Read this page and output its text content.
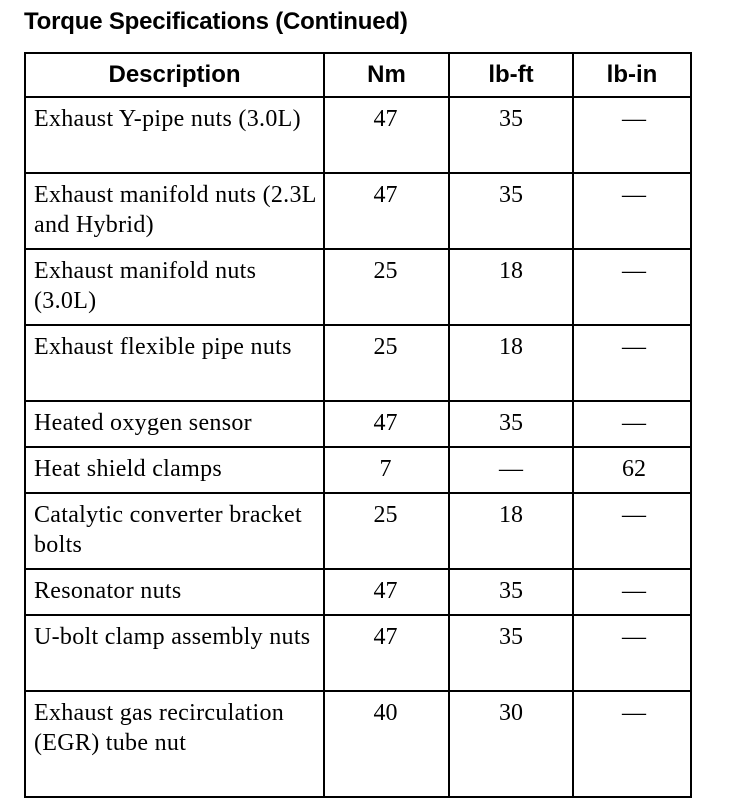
Torque Specifications (Continued)
Description	Nm	lb-ft	lb-in
Exhaust Y-pipe nuts (3.0L)	47	35	—
Exhaust manifold nuts (2.3L and Hybrid)	47	35	—
Exhaust manifold nuts (3.0L)	25	18	—
Exhaust flexible pipe nuts	25	18	—
Heated oxygen sensor	47	35	—
Heat shield clamps	7	—	62
Catalytic converter bracket bolts	25	18	—
Resonator nuts	47	35	—
U-bolt clamp assembly nuts	47	35	—
Exhaust gas recirculation (EGR) tube nut	40	30	—
